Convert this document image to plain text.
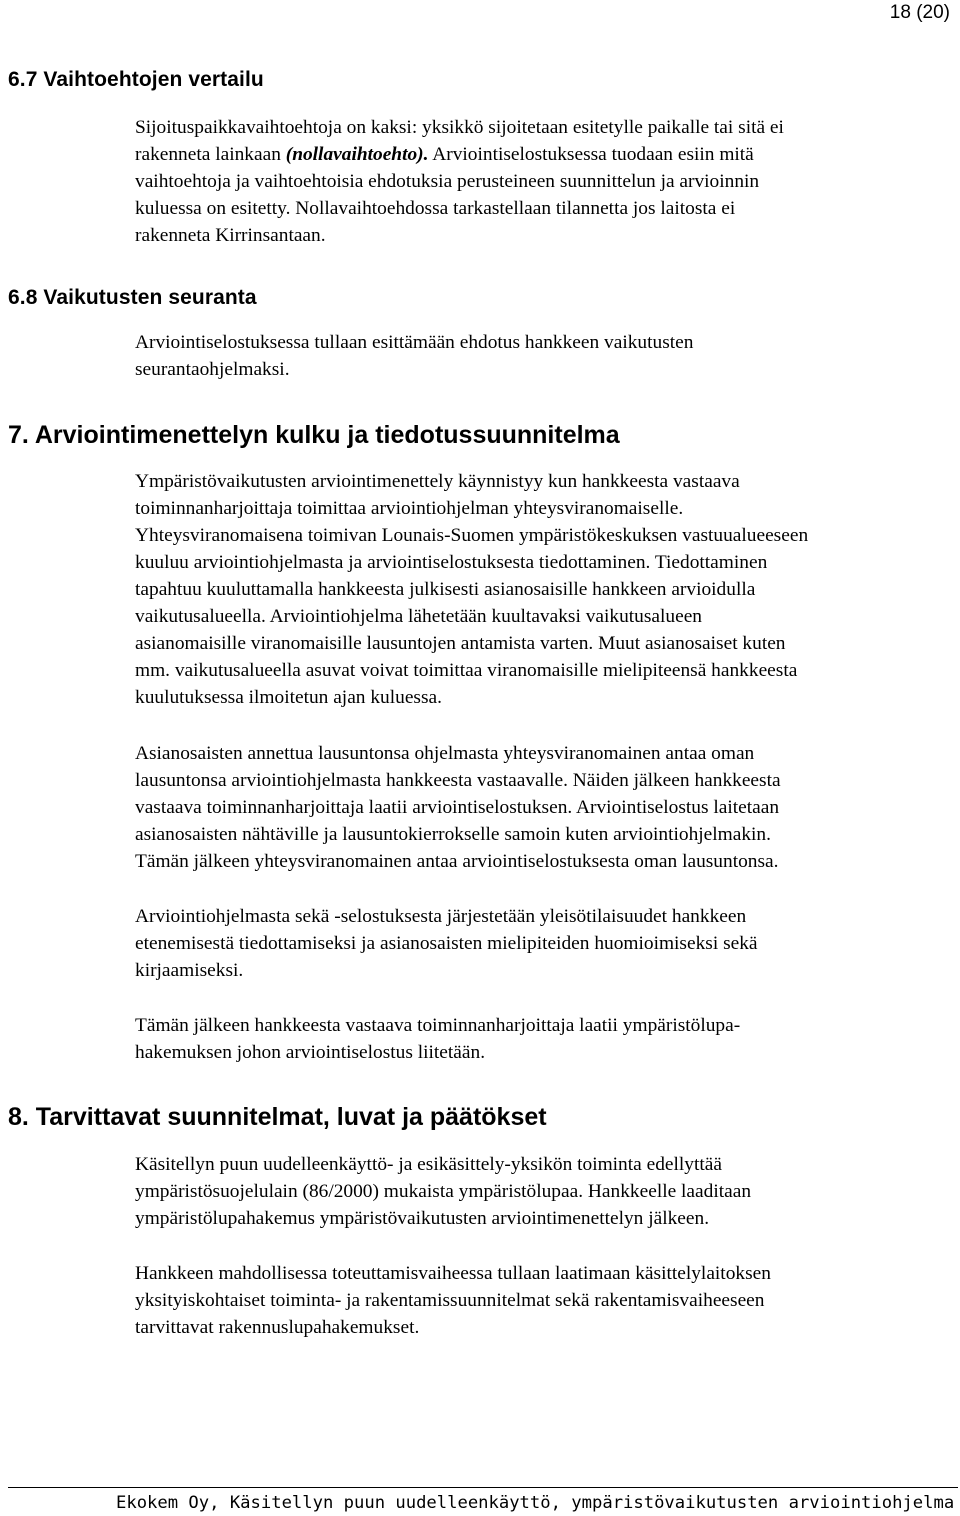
18 (20)
6.7 Vaihtoehtojen vertailu
Sijoituspaikkavaihtoehtoja on kaksi: yksikkö sijoitetaan esitetylle paikalle tai sitä ei
rakenneta lainkaan (nollavaihtoehto). Arviointiselostuksessa tuodaan esiin mitä
vaihtoehtoja ja vaihtoehtoisia ehdotuksia perusteineen suunnittelun ja arvioinnin
kuluessa on esitetty. Nollavaihtoehdossa tarkastellaan tilannetta jos laitosta ei
rakenneta Kirrinsantaan.
6.8 Vaikutusten seuranta
Arviointiselostuksessa tullaan esittämään ehdotus hankkeen vaikutusten
seurantaohjelmaksi.
7. Arviointimenettelyn kulku ja tiedotussuunnitelma
Ympäristövaikutusten arviointimenettely käynnistyy kun hankkeesta vastaava
toiminnanharjoittaja toimittaa arviointiohjelman yhteysviranomaiselle.
Yhteysviranomaisena toimivan Lounais-Suomen ympäristökeskuksen vastuualueeseen
kuuluu arviointiohjelmasta ja arviointiselostuksesta tiedottaminen. Tiedottaminen
tapahtuu kuuluttamalla hankkeesta julkisesti asianosaisille hankkeen arvioidulla
vaikutusalueella. Arviointiohjelma lähetetään kuultavaksi vaikutusalueen
asianomaisille viranomaisille lausuntojen antamista varten. Muut asianosaiset kuten
mm. vaikutusalueella asuvat voivat toimittaa viranomaisille mielipiteensä hankkeesta
kuulutuksessa ilmoitetun ajan kuluessa.
Asianosaisten annettua lausuntonsa ohjelmasta yhteysviranomainen antaa oman
lausuntonsa arviointiohjelmasta hankkeesta vastaavalle. Näiden jälkeen hankkeesta
vastaava toiminnanharjoittaja laatii arviointiselostuksen. Arviointiselostus laitetaan
asianosaisten nähtäville ja lausuntokierrokselle samoin kuten arviointiohjelmakin.
Tämän jälkeen yhteysviranomainen antaa arviointiselostuksesta oman lausuntonsa.
Arviointiohjelmasta sekä -selostuksesta järjestetään yleisötilaisuudet hankkeen
etenemisestä tiedottamiseksi ja asianosaisten mielipiteiden huomioimiseksi sekä
kirjaamiseksi.
Tämän jälkeen hankkeesta vastaava toiminnanharjoittaja laatii ympäristölupa-
hakemuksen johon arviointiselostus liitetään.
8. Tarvittavat suunnitelmat, luvat ja päätökset
Käsitellyn puun uudelleenkäyttö- ja esikäsittely-yksikön toiminta edellyttää
ympäristösuojelulain (86/2000) mukaista ympäristölupaa. Hankkeelle laaditaan
ympäristölupahakemus ympäristövaikutusten arviointimenettelyn jälkeen.
Hankkeen mahdollisessa toteuttamisvaiheessa tullaan laatimaan käsittelylaitoksen
yksityiskohtaiset toiminta- ja rakentamissuunnitelmat sekä rakentamisvaiheeseen
tarvittavat rakennuslupahakemukset.
Ekokem Oy, Käsitellyn puun uudelleenkäyttö, ympäristövaikutusten arviointiohjelma
